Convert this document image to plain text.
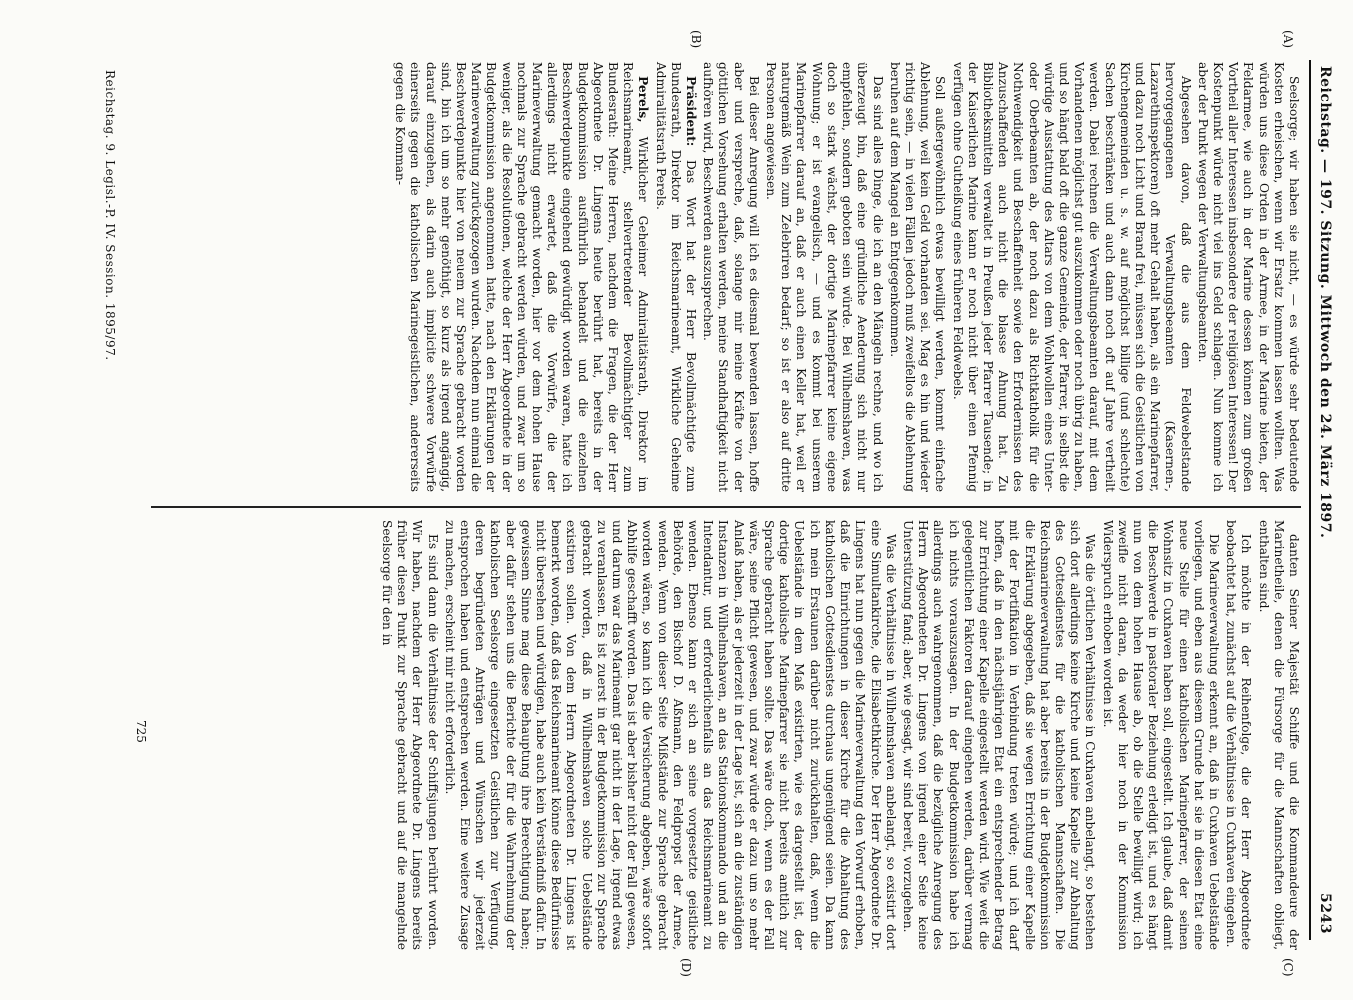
Reichstag. — 197. Sitzung. Mittwoch den 24. März 1897.
5243
(A)
(B)
(C)
(D)

Seelsorge; wir haben sie nicht, — es würde sehr bedeutende Kosten erheischen, wenn wir Ersatz kommen lassen wollten. Was würden uns diese Orden in der Armee, in der Marine bieten, der Feldarmee, wie auch in der Marine dessen können zum großen Vortheil aller Interessen insbesondere der religiösen Interessen! Der Kostenpunkt würde nicht viel ins Geld schlagen. Nun komme ich aber der Punkt wegen der Verwaltungsbeamten.

Abgesehen davon, daß die aus dem Feldwebelstande hervorgegangenen Verwaltungsbeamten (Kasernen-, Lazarethinspektoren) oft mehr Gehalt haben, als ein Marinepfarrer, und dazu noch Licht und Brand frei, müssen sich die Geistlichen von Kirchengemeinden u. s. w. auf möglichst billige (und schlechte) Sachen beschränken und auch dann noch oft auf Jahre vertheilt werden. Dabei rechnen die Verwaltungsbeamten darauf, mit dem Vorhandenen möglichst gut auszukommen oder noch übrig zu haben, und so hängt bald oft die ganze Gemeinde, der Pfarrer, in selbst die würdige Ausstattung des Altars von dem Wohlwollen eines Unter- oder Oberbeamten ab, der noch dazu als Richtkatholik für die Nothwendigkeit und Beschaffenheit sowie den Erfordernissen des Anzuschaffenden auch nicht die blasse Ahnung hat. Zu Bibliotheksmitteln verwaltet in Preußen jeder Pfarrer Tausende; in der Kaiserlichen Marine kann er noch nicht über einen Pfennig verfügen ohne Gutheißung eines früheren Feldwebels.

Soll außergewöhnlich etwas bewilligt werden, kommt einfache Ablehnung, weil kein Geld vorhanden sei. Mag es hin und wieder richtig sein, — in vielen Fällen jedoch muß zweifellos die Ablehnung beruhen auf dem Mangel an Entgegenkommen.

Das sind alles Dinge, die ich an den Mängeln rechne, und wo ich überzeugt bin, daß eine gründliche Aenderung sich nicht nur empfehlen, sondern geboten sein würde. Bei Wilhelmshaven, was doch so stark wächst, der dortige Marinepfarrer keine eigene Wohnung; er ist evangelisch, — und es kommt bei unserem Marinepfarrer darauf an, daß er auch einen Keller hat, weil er naturgemäß Wein zum Zelebriren bedarf; so ist er also auf dritte Personen angewiesen.

Bei dieser Anregung will ich es diesmal bewenden lassen, hoffe aber und verspreche, daß, solange mir meine Kräfte von der göttlichen Vorsehung erhalten werden, meine Standhaftigkeit nicht aufhören wird, Beschwerden auszusprechen.

Präsident: Das Wort hat der Herr Bevollmächtigte zum Bundesrath, Direktor im Reichsmarineamt, Wirkliche Geheime Admiralitätsrath Perels.

Perels, Wirklicher Geheimer Admiralitätsrath, Direktor im Reichsmarineamt, stellvertretender Bevollmächtigter zum Bundesrath: Meine Herren, nachdem die Fragen, die der Herr Abgeordnete Dr. Lingens heute berührt hat, bereits in der Budgetkommission ausführlich behandelt und die einzelnen Beschwerdepunkte eingehend gewürdigt worden waren, hatte ich allerdings nicht erwartet, daß die Vorwürfe, die der Marineverwaltung gemacht worden, hier vor dem hohen Hause nochmals zur Sprache gebracht werden würden, und zwar um so weniger, als die Resolutionen, welche der Herr Abgeordnete in der Budgetkommission angenommen hatte, nach den Erklärungen der Marineverwaltung zurückgezogen wurden. Nachdem nun einmal die Beschwerdepunkte hier von neuem zur Sprache gebracht worden sind, bin ich um so mehr genöthigt, so kurz als irgend angängig, darauf einzugehen, als darin auch implicite schwere Vorwürfe einerseits gegen die katholischen Marinegeistlichen, andererseits gegen die Komman-

danten Seiner Majestät Schiffe und die Kommandeure der Marinetheile, denen die Fürsorge für die Mannschaften obliegt, enthalten sind.

Ich möchte in der Reihenfolge, die der Herr Abgeordnete beobachtet hat, zunächst auf die Verhältnisse in Cuxhaven eingehen.

Die Marineverwaltung erkennt an, daß in Cuxhaven Uebelstände vorliegen, und eben aus diesem Grunde hat sie in diesen Etat eine neue Stelle für einen katholischen Marinepfarrer, der seinen Wohnsitz in Cuxhaven haben soll, eingestellt. Ich glaube, daß damit die Beschwerde in pastoraler Beziehung erledigt ist, und es hängt nun von dem hohen Hause ab, ob die Stelle bewilligt wird; ich zweifle nicht daran, da weder hier noch in der Kommission Widerspruch erhoben worden ist.

Was die örtlichen Verhältnisse in Cuxhaven anbelangt, so bestehen sich dort allerdings keine Kirche und keine Kapelle zur Abhaltung des Gottesdienstes für die katholischen Mannschaften. Die Reichsmarineverwaltung hat aber bereits in der Budgetkommission die Erklärung abgegeben, daß sie wegen Errichtung einer Kapelle mit der Fortifikation in Verbindung treten würde; und ich darf hoffen, daß in den nächstjährigen Etat ein entsprechender Betrag zur Errichtung einer Kapelle eingestellt werden wird. Wie weit die gelegentlichen Faktoren darauf eingehen werden, darüber vermag ich nichts vorauszusagen. In der Budgetkommission habe ich allerdings auch wahrgenommen, daß die bezügliche Anregung des Herrn Abgeordneten Dr. Lingens von irgend einer Seite keine Unterstützung fand; aber, wie gesagt, wir sind bereit, vorzugehen.

Was die Verhältnisse in Wilhelmshaven anbelangt, so existirt dort eine Simultankirche, die Elisabethkirche. Der Herr Abgeordnete Dr. Lingens hat nun gegen die Marineverwaltung den Vorwurf erhoben, daß die Einrichtungen in dieser Kirche für die Abhaltung des katholischen Gottesdienstes durchaus ungenügend seien. Da kann ich mein Erstaunen darüber nicht zurückhalten, daß, wenn die Uebelstände in dem Maß existirten, wie es dargestellt ist, der dortige katholische Marinepfarrer sie nicht bereits amtlich zur Sprache gebracht haben sollte. Das wäre doch, wenn es der Fall wäre, seine Pflicht gewesen, und zwar würde er dazu um so mehr Anlaß haben, als er jederzeit in der Lage ist, sich an die zuständigen Instanzen in Wilhelmshaven, an das Stationskommando und an die Intendantur, und erforderlichenfalls an das Reichsmarineamt zu wenden. Ebenso kann er sich an seine vorgesetzte geistliche Behörde, den Bischof D. Aßmann, den Feldpropst der Armee, wenden. Wenn von dieser Seite Mißstände zur Sprache gebracht worden wären, so kann ich die Versicherung abgeben, wäre sofort Abhilfe geschafft worden. Das ist aber bisher nicht der Fall gewesen, und darum war das Marineamt gar nicht in der Lage, irgend etwas zu veranlassen. Es ist zuerst in der Budgetkommission zur Sprache gebracht worden, daß in Wilhelmshaven solche Uebelstände existiren sollen. Von dem Herrn Abgeordneten Dr. Lingens ist bemerkt worden, daß das Reichsmarineamt könne diese Bedürfnisse nicht übersehen und würdigen, habe auch kein Verständniß dafür. In gewissem Sinne mag diese Behauptung ihre Berechtigung haben; aber dafür stehen uns die Berichte der für die Wahrnehmung der katholischen Seelsorge eingesetzten Geistlichen zur Verfügung, deren begründeten Anträgen und Wünschen wir jederzeit entsprochen haben und entsprechen werden. Eine weitere Zusage zu machen, erscheint mir nicht erforderlich.

Es sind dann die Verhältnisse der Schiffsjungen berührt worden. Wir haben, nachdem der Herr Abgeordnete Dr. Lingens bereits früher diesen Punkt zur Sprache gebracht und auf die mangelnde Seelsorge für den in

Reichstag. 9. Legisl.-P. IV. Session. 1895/97.
725
